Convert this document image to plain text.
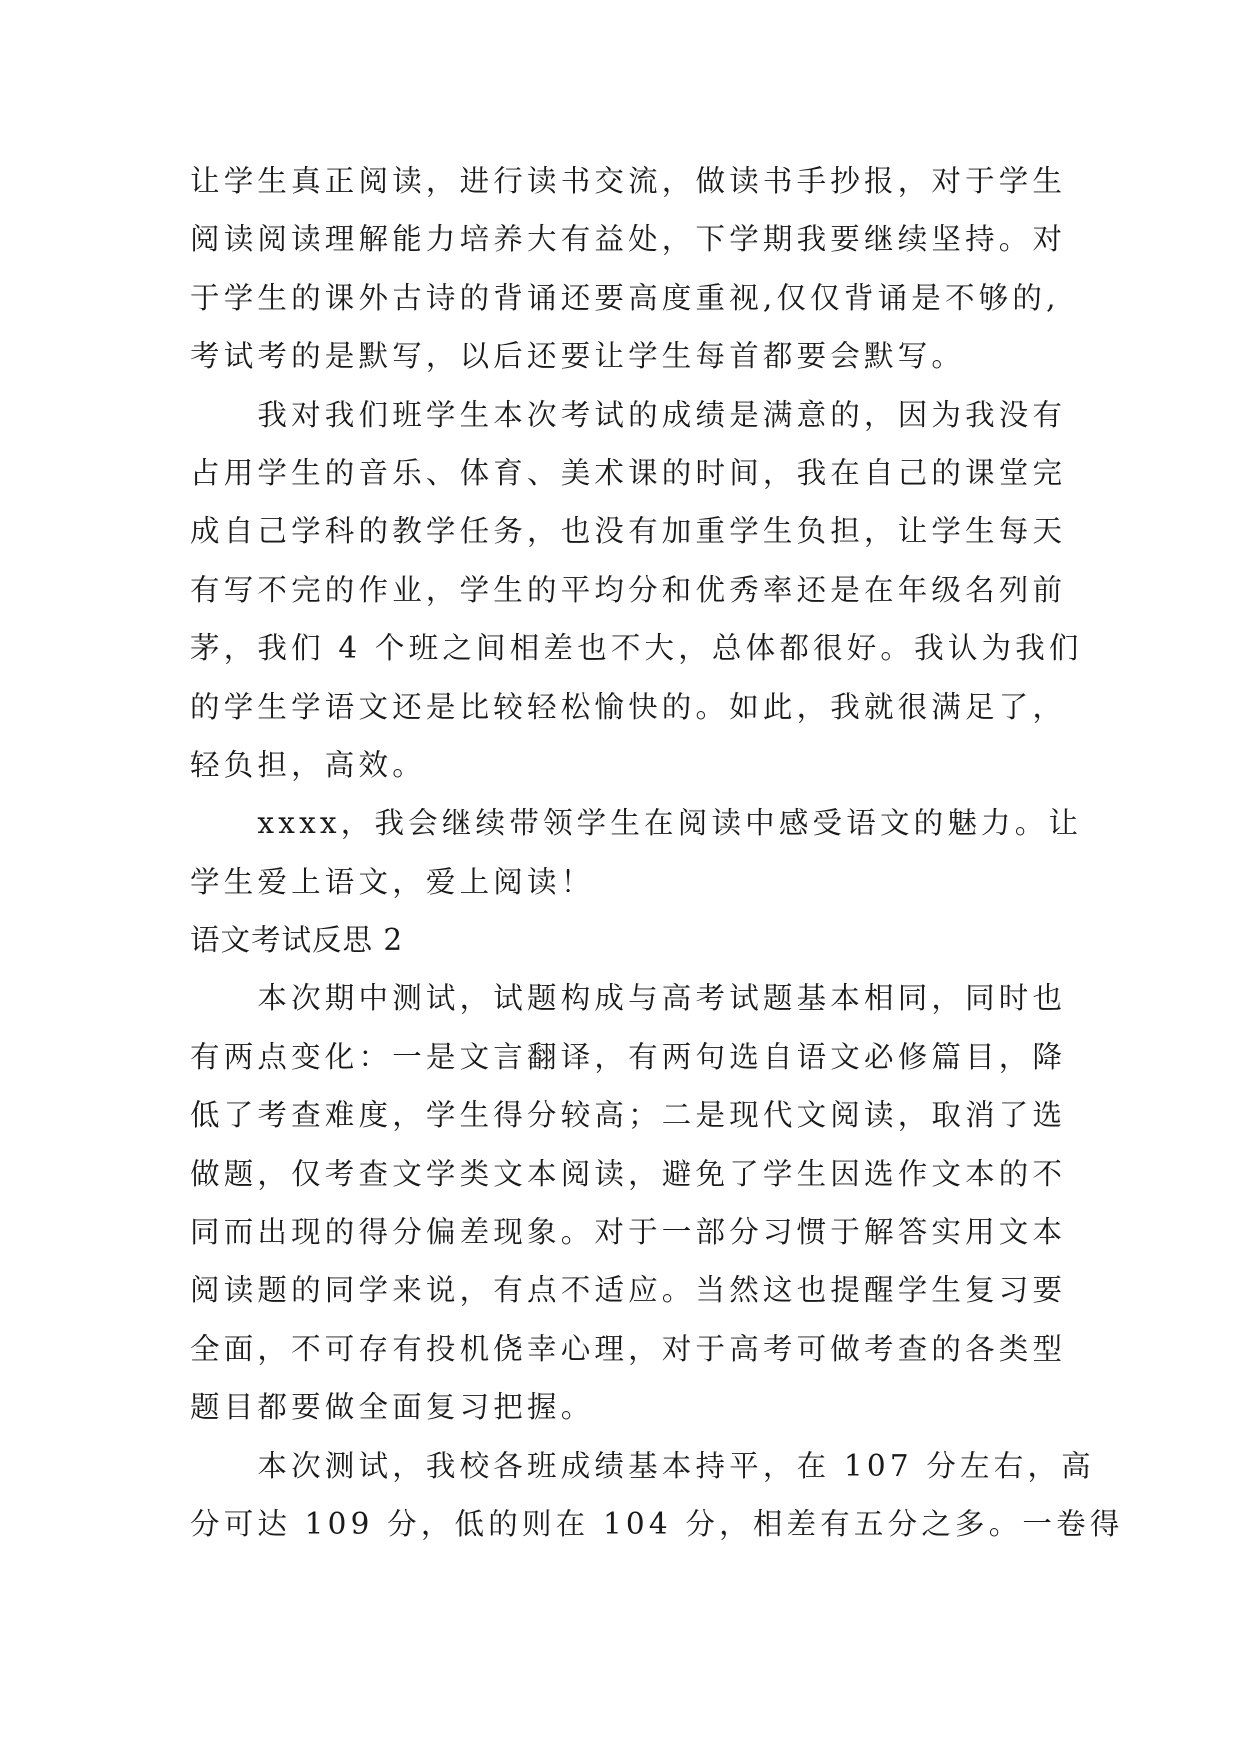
让学生真正阅读，进行读书交流，做读书手抄报，对于学生
阅读阅读理解能力培养大有益处，下学期我要继续坚持。对
于学生的课外古诗的背诵还要高度重视,仅仅背诵是不够的,
考试考的是默写，以后还要让学生每首都要会默写。
　　我对我们班学生本次考试的成绩是满意的，因为我没有
占用学生的音乐、体育、美术课的时间，我在自己的课堂完
成自己学科的教学任务，也没有加重学生负担，让学生每天
有写不完的作业，学生的平均分和优秀率还是在年级名列前
茅，我们 4 个班之间相差也不大，总体都很好。我认为我们
的学生学语文还是比较轻松愉快的。如此，我就很满足了，
轻负担，高效。
　　xxxx，我会继续带领学生在阅读中感受语文的魅力。让
学生爱上语文，爱上阅读！
语文考试反思 2
　　本次期中测试，试题构成与高考试题基本相同，同时也
有两点变化：一是文言翻译，有两句选自语文必修篇目，降
低了考查难度，学生得分较高；二是现代文阅读，取消了选
做题，仅考查文学类文本阅读，避免了学生因选作文本的不
同而出现的得分偏差现象。对于一部分习惯于解答实用文本
阅读题的同学来说，有点不适应。当然这也提醒学生复习要
全面，不可存有投机侥幸心理，对于高考可做考查的各类型
题目都要做全面复习把握。
　　本次测试，我校各班成绩基本持平，在 107 分左右，高
分可达 109 分，低的则在 104 分，相差有五分之多。一卷得
